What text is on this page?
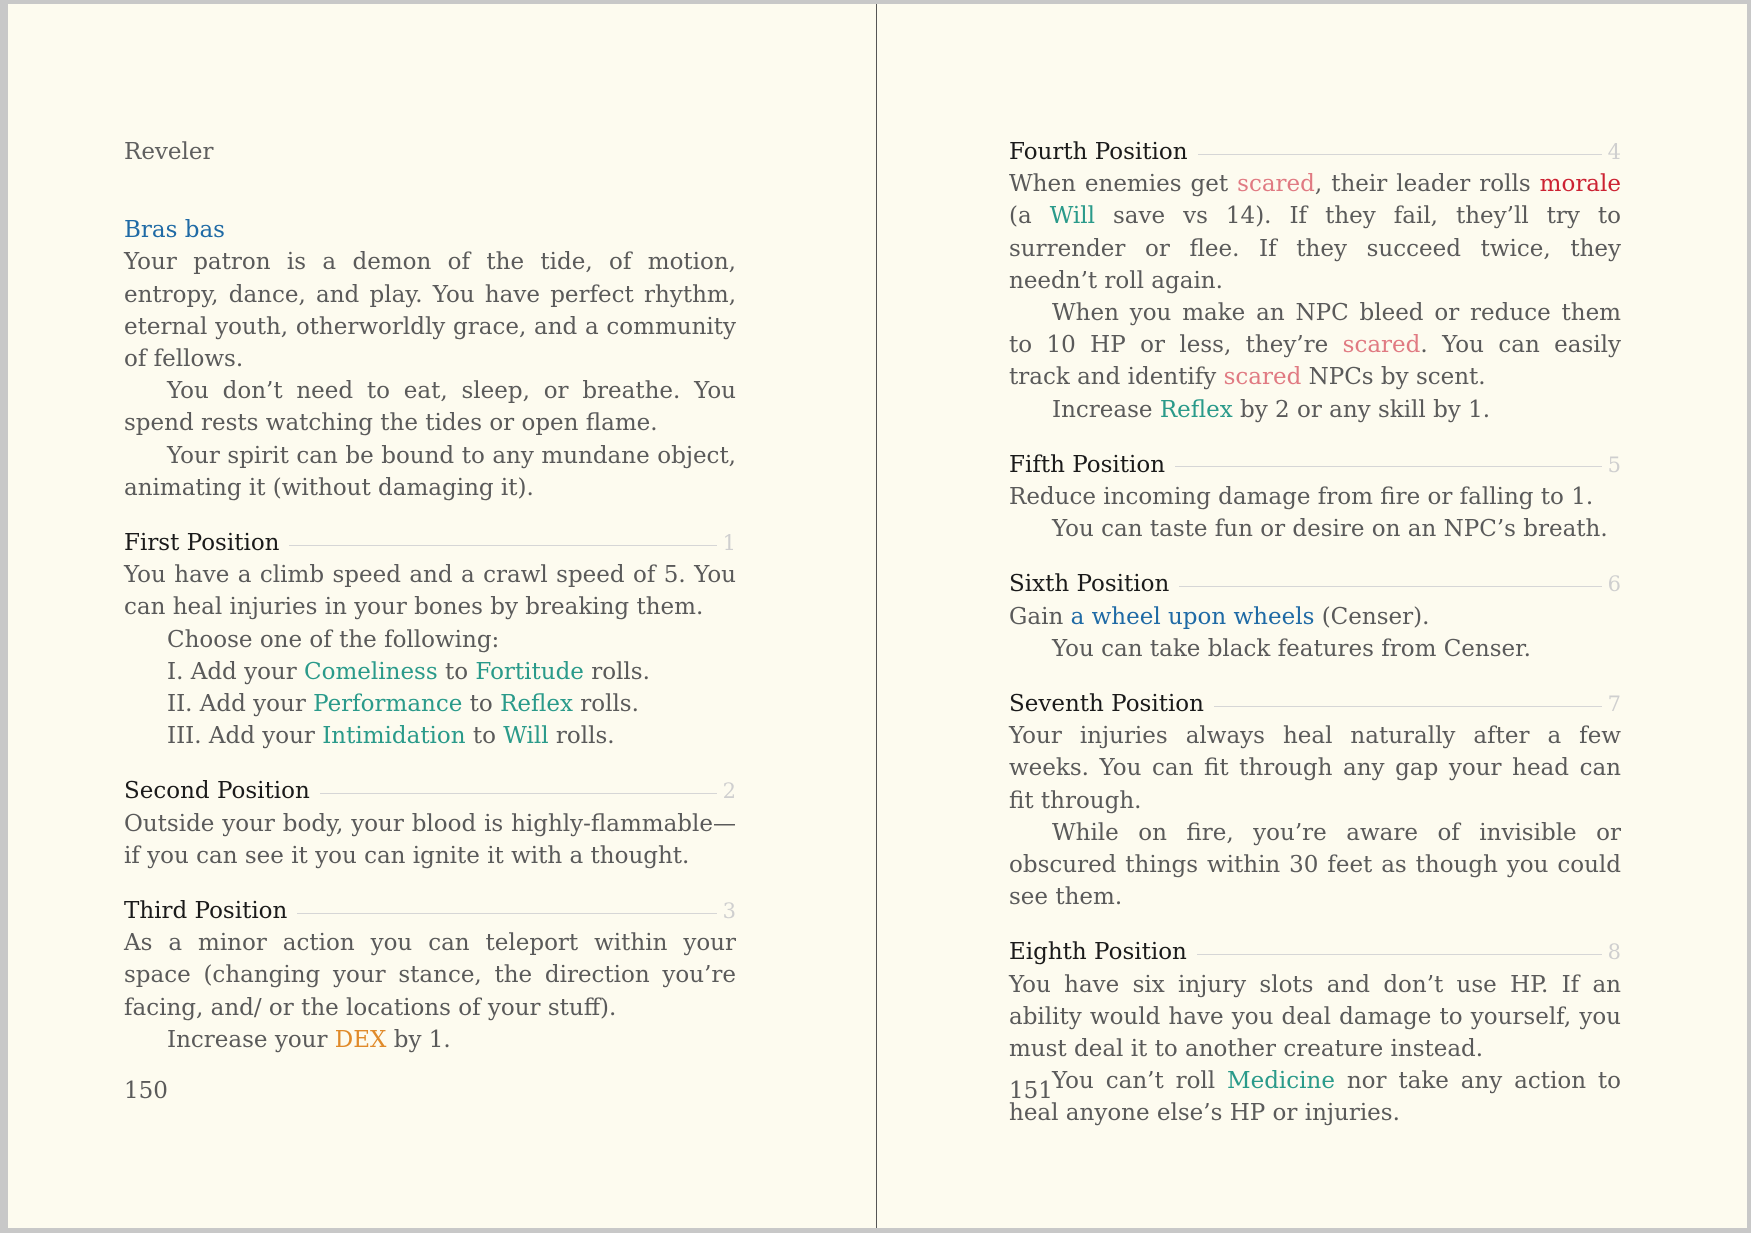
Reveler
Bras bas

Your patron is a demon of the tide, of motion, entropy, dance, and play. You have perfect rhythm, eternal youth, otherworldly grace, and a community of fellows.

You don’t need to eat, sleep, or breathe. You spend rests watching the tides or open flame.

Your spirit can be bound to any mundane object, animating it (without damaging it).

First Position	1

You have a climb speed and a crawl speed of 5. You can heal injuries in your bones by breaking them.

Choose one of the following:

I. Add your Comeliness to Fortitude rolls.

II. Add your Performance to Reflex rolls.

III. Add your Intimidation to Will rolls.

Second Position	2

Outside your body, your blood is highly-flammable—if you can see it you can ignite it with a thought.

Third Position	3

As a minor action you can teleport within your space (changing your stance, the direction you’re facing, and/ or the locations of your stuff).

Increase your DEX by 1.

150
Fourth Position	4

When enemies get scared, their leader rolls morale (a Will save vs 14). If they fail, they’ll try to surrender or flee. If they succeed twice, they needn’t roll again.

When you make an NPC bleed or reduce them to 10 HP or less, they’re scared. You can easily track and identify scared NPCs by scent.

Increase Reflex by 2 or any skill by 1.

Fifth Position	5

Reduce incoming damage from fire or falling to 1.

You can taste fun or desire on an NPC’s breath.

Sixth Position	6

Gain a wheel upon wheels (Censer).

You can take black features from Censer.

Seventh Position	7

Your injuries always heal naturally after a few weeks. You can fit through any gap your head can fit through.

While on fire, you’re aware of invisible or obscured things within 30 feet as though you could see them.

Eighth Position	8

You have six injury slots and don’t use HP. If an ability would have you deal damage to yourself, you must deal it to another creature instead.

You can’t roll Medicine nor take any action to heal anyone else’s HP or injuries.

151
